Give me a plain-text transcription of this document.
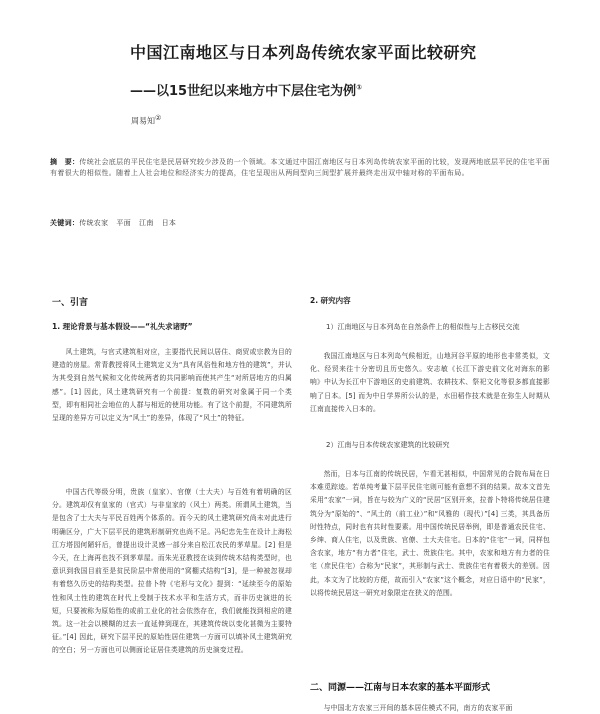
中国江南地区与日本列岛传统农家平面比较研究
——以15世纪以来地方中下层住宅为例①
周易知②
摘　要：传统社会底层的平民住宅是民居研究较少涉及的一个领域。本文通过中国江南地区与日本列岛传统农家平面的比较，发现两地底层平民的住宅平面有着很大的相似性。随着上人社会地位和经济实力的提高，住宅呈现出从两间型向三间型扩展并最终走出双中轴对称的平面布局。
关键词：传统农家 平面 江南 日本
一、引言
1. 理论背景与基本假设——“礼失求诸野”
风土建筑，与官式建筑相对应，主要指代民间以居住、商贸或宗教为目的建造的房屋。常青教授将风土建筑定义为“具有风俗性和地方性的建筑”，并认为其受到自然气候和文化传统两者的共同影响而使其产生“对所居地方的归属感”。[1] 因此，风土建筑研究有一个前提：复数的研究对象属于同一个类型，即有相同社会地位的人群与相近的使用功能。有了这个前提，不同建筑所呈现的差异方可以定义为“风土”的差异，体现了“风土”的特征。
中国古代等级分明，贵族（皇家）、官僚（士大夫）与百姓有着明确的区分。建筑却仅有皇家的（官式）与非皇家的（风土）两类。所谓风土建筑，当是包含了士大夫与平民百姓两个体系的。而今天的风土建筑研究尚未对此进行明确区分，广大下层平民的建筑形制研究也尚不足。冯纪忠先生在设计上海松江方塔园何陋轩后，曾提出设计灵感一部分来自松江农民的茅草屋。[2] 但是今天，在上海再也找不到茅草屋。而朱光亚教授在谈到传统木结构类型时，也意识到我国目前至是贫民阶层中常使用的“窝棚式结构”[3]，是一种被忽视却有着悠久历史的结构类型。拉普卜特《宅形与文化》提到：“延续至今的原始性和风土性的建筑在时代上受制于技术水平和生活方式，而非历史演进的长短，只要被称为原始性的或前工业化的社会依然存在，我们就能找到相应的建筑。这一社会以模糊的过去一直延伸到现在，其建筑传统以变化甚微为主要特征。”[4] 因此，研究下层平民的原始性居住建筑一方面可以填补风土建筑研究的空白；另一方面也可以侧面论证居住类建筑的历史演变过程。
2. 研究内容
1）江南地区与日本列岛在自然条件上的相似性与上古移民交流
我国江南地区与日本列岛气候相近，山地河谷平原的地形也非常类似，文化、经贸来往十分密切且历史悠久。安志敏《长江下游史前文化对海东的影响》中认为长江中下游地区的史前建筑、农耕技术、祭祀文化等很多都直接影响了日本。[5] 而为中日学界所公认的是，水田稻作技术就是在弥生人时期从江南直接传入日本的。
2）江南与日本传统农家建筑的比较研究
然而，日本与江南的传统民居，乍看无甚相似，中国常见的合院布局在日本难觅踪迹。若单纯考量下层平民住宅则可能有意想不到的结果。故本文首先采用“农家”一词，旨在与较为广义的“民居”区别开来，拉普卜特将传统居住建筑分为“原始的”、“风土的（前工业）”和“风雅的（现代）”[4] 三类，其具备历时性特点，同时也有共时性要素。用中国传统民居举例，即是普通农民住宅、乡绅、商人住宅，以及贵族、官僚、士大夫住宅。日本的“住宅”一词，同样包含农家，地方“有力者”住宅，武士、贵族住宅。其中，农家和地方有力者的住宅（庶民住宅）合称为“民家”，其形制与武士、贵族住宅有着极大的差别。因此，本文为了比较的方便，故而引入“农家”这个概念，对应日语中的“民家”，以将传统民居这一研究对象限定在狭义的范围。
二、同源——江南与日本农家的基本平面形式
与中国北方农家三开间的基本居住模式不同，南方的农家平面
